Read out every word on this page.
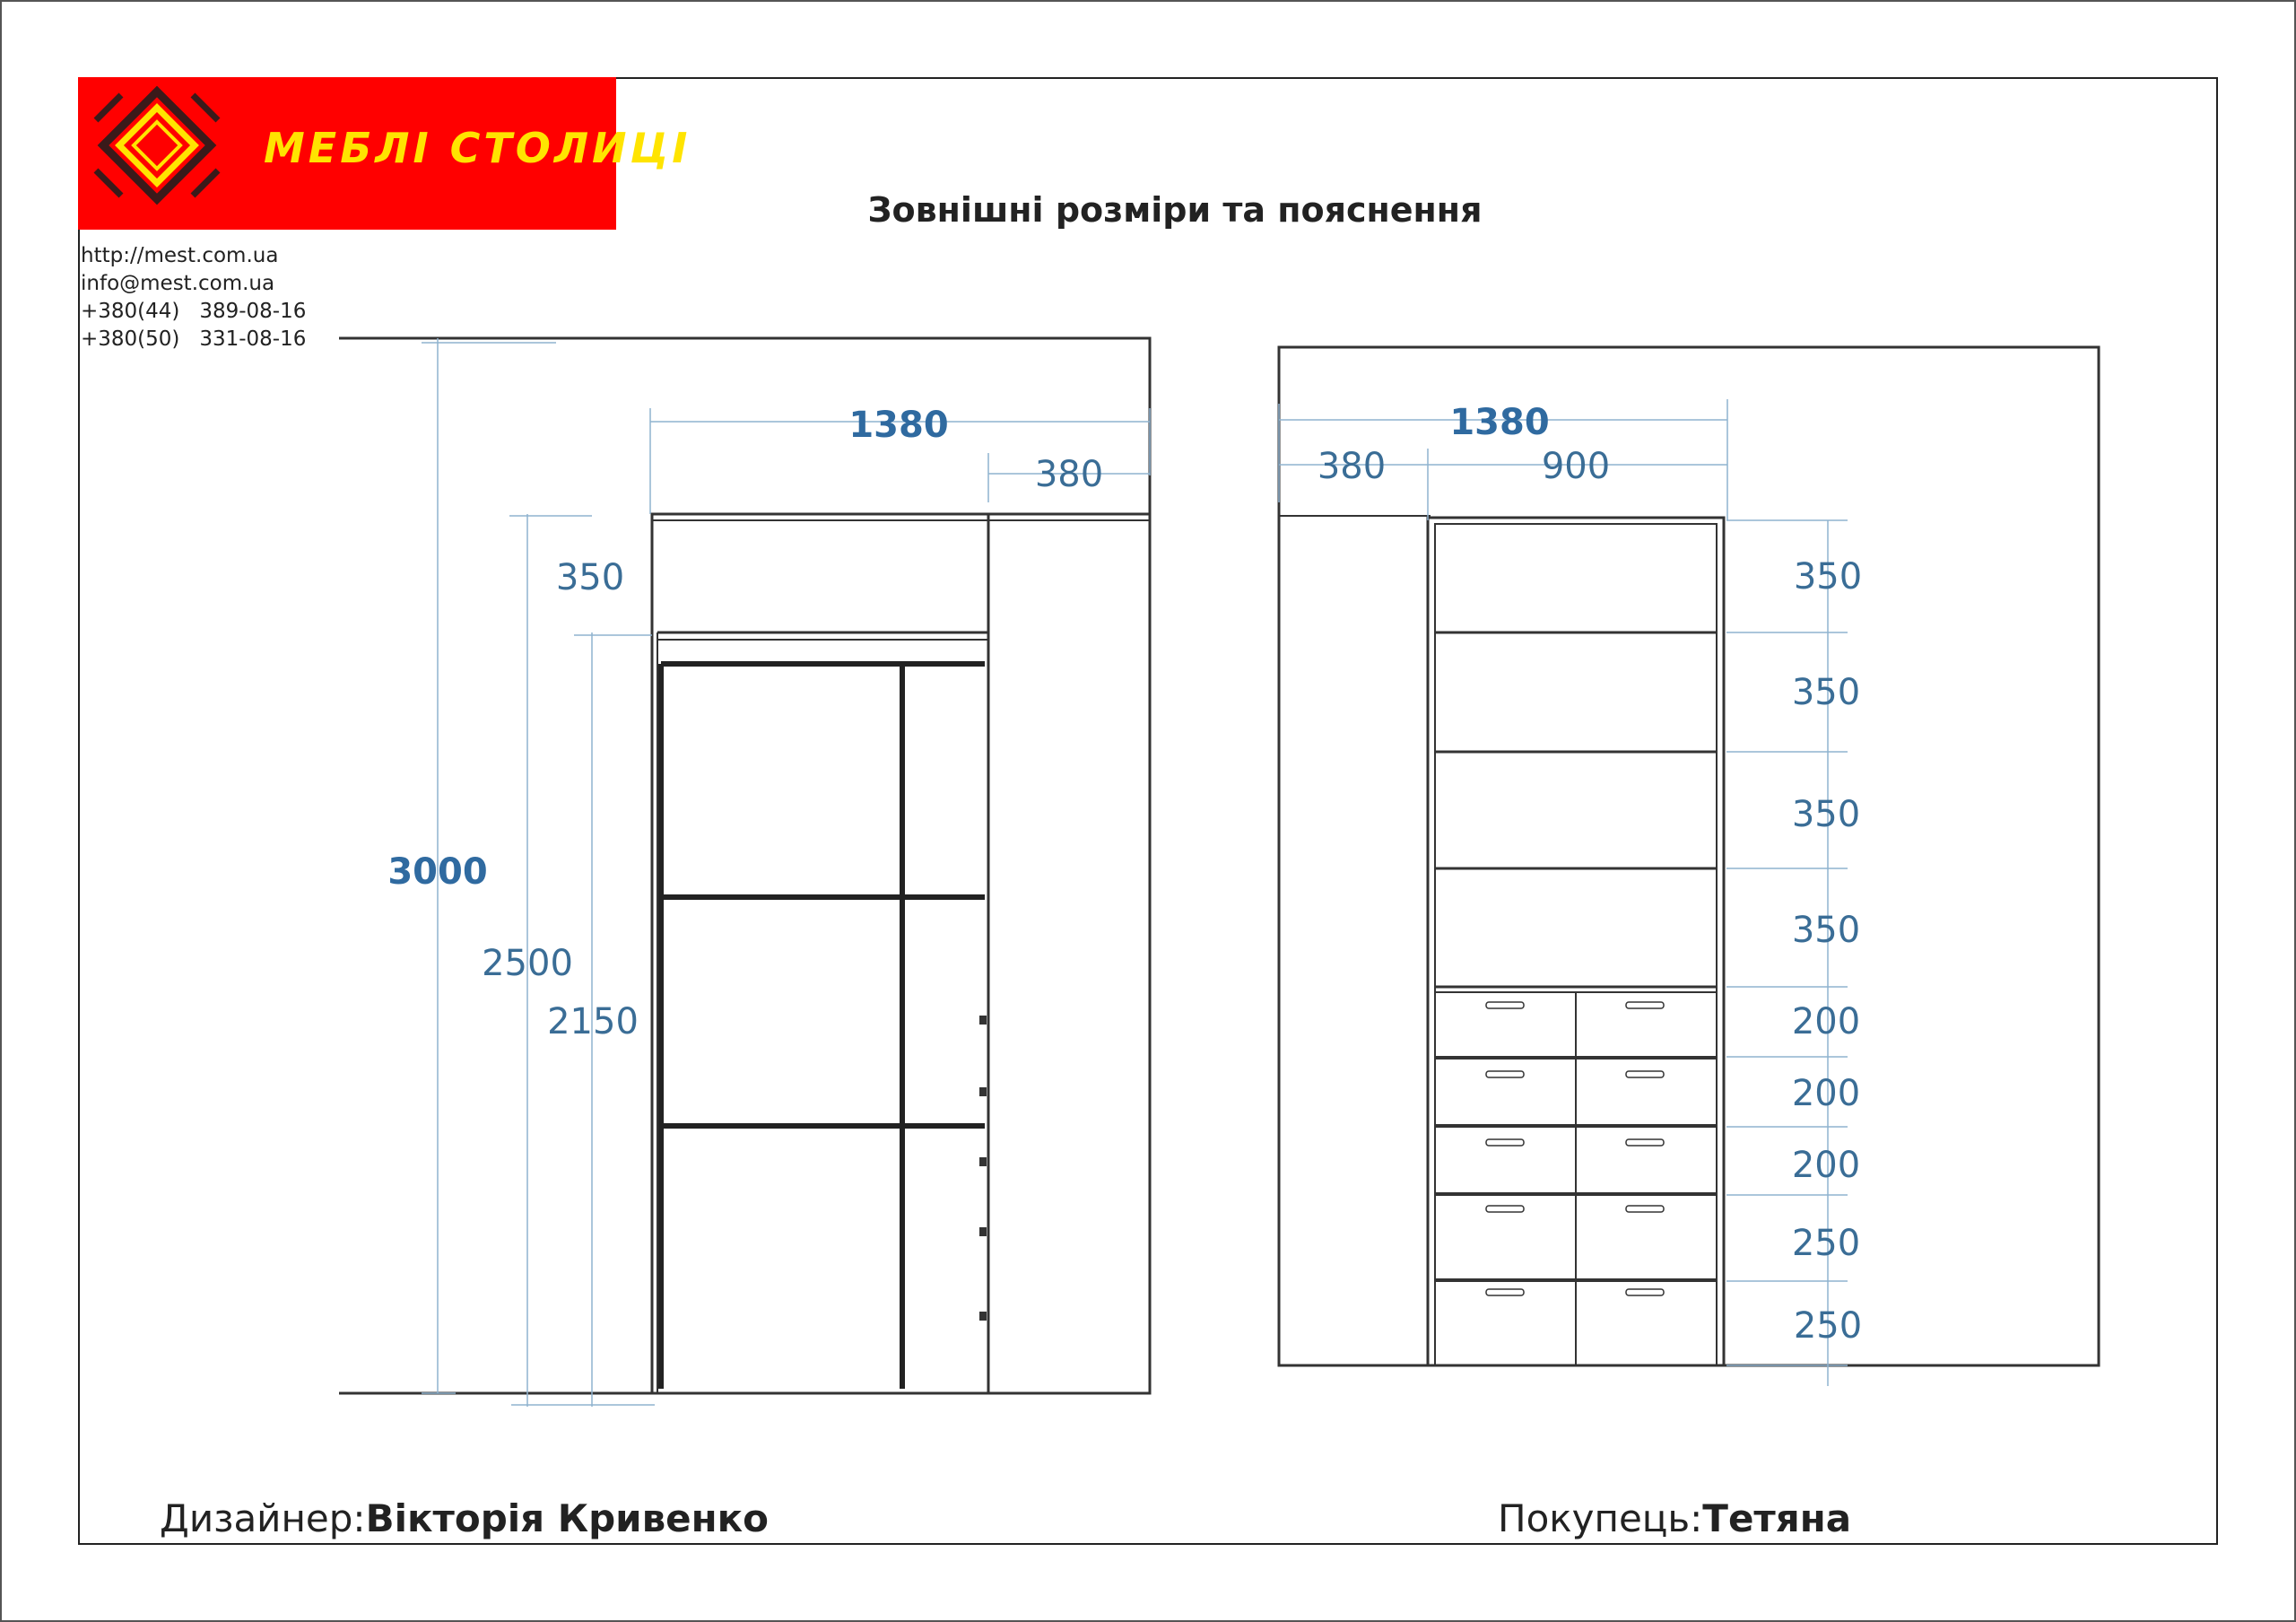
МЕБЛІ СТОЛИЦІ
http://mest.com.ua
info@mest.com.ua
+380(44)   389-08-16
+380(50)   331-08-16
Зовнішні розміри та пояснення
3000
1380
380
350
2500
2150
1380
380	900
350
350
350
350
200
200
200
250
250
Дизайнер:Вікторія Кривенко	Покупець:Тетяна
